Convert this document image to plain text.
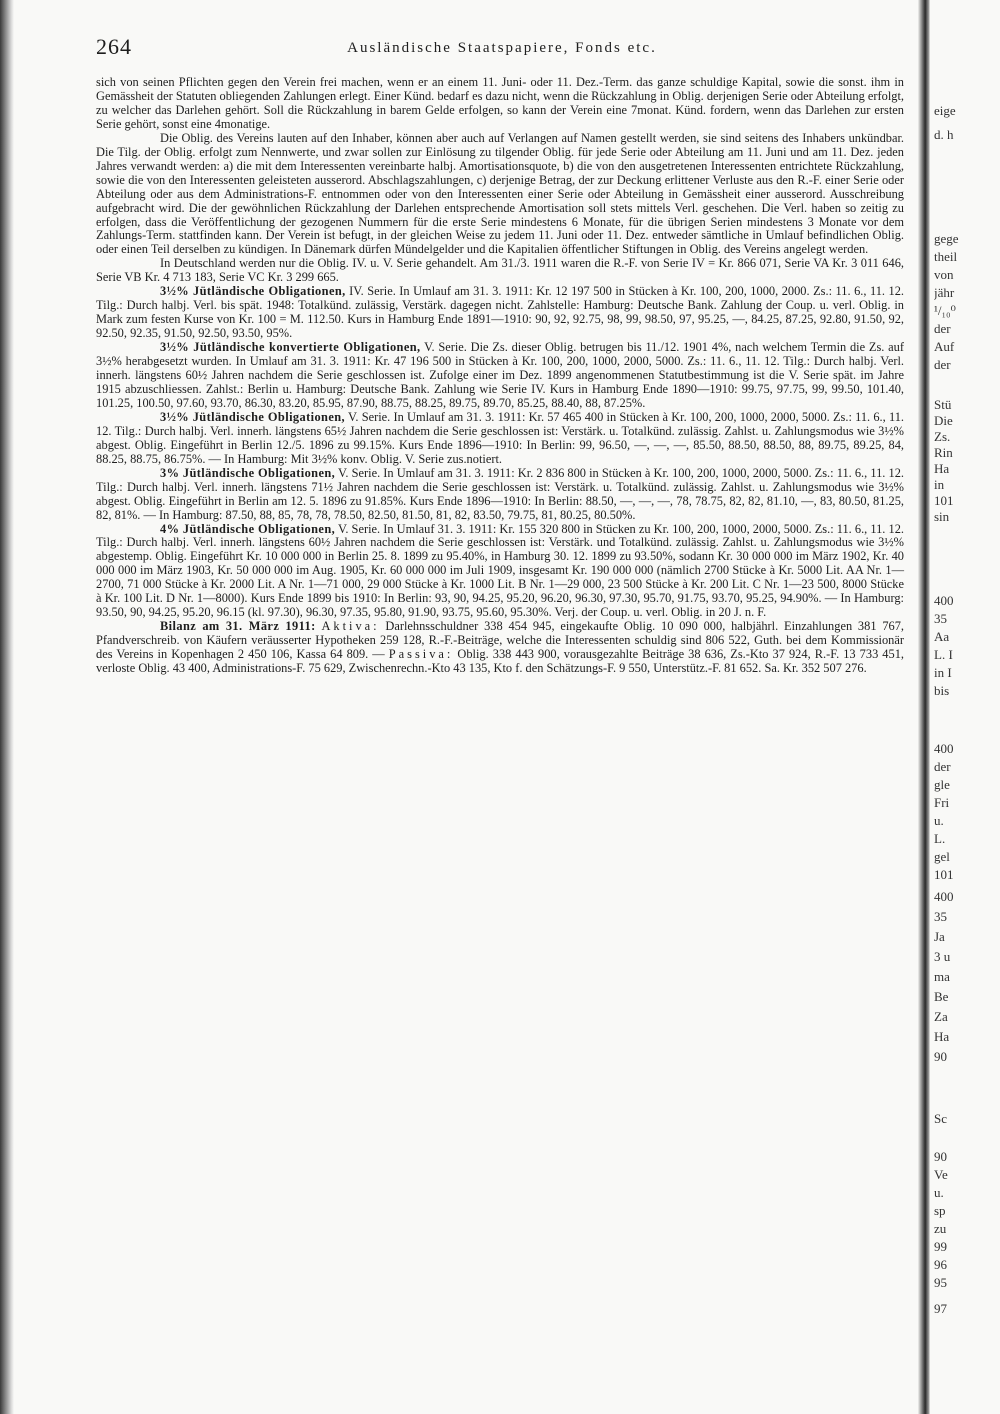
264	Ausländische Staatspapiere, Fonds etc.

sich von seinen Pflichten gegen den Verein frei machen, wenn er an einem 11. Juni- oder 11. Dez.-Term. das ganze schuldige Kapital, sowie die sonst. ihm in Gemässheit der Statuten obliegenden Zahlungen erlegt. Einer Künd. bedarf es dazu nicht, wenn die Rückzahlung in Oblig. derjenigen Serie oder Abteilung erfolgt, zu welcher das Darlehen gehört. Soll die Rückzahlung in barem Gelde erfolgen, so kann der Verein eine 7monat. Künd. fordern, wenn das Darlehen zur ersten Serie gehört, sonst eine 4monatige.

Die Oblig. des Vereins lauten auf den Inhaber, können aber auch auf Verlangen auf Namen gestellt werden, sie sind seitens des Inhabers unkündbar. Die Tilg. der Oblig. erfolgt zum Nennwerte, und zwar sollen zur Einlösung zu tilgender Oblig. für jede Serie oder Abteilung am 11. Juni und am 11. Dez. jeden Jahres verwandt werden: a) die mit dem Interessenten vereinbarte halbj. Amortisationsquote, b) die von den ausgetretenen Interessenten entrichtete Rückzahlung, sowie die von den Interessenten geleisteten ausserord. Abschlagszahlungen, c) derjenige Betrag, der zur Deckung erlittener Verluste aus den R.-F. einer Serie oder Abteilung oder aus dem Administrations-F. entnommen oder von den Interessenten einer Serie oder Abteilung in Gemässheit einer ausserord. Ausschreibung aufgebracht wird. Die der gewöhnlichen Rückzahlung der Darlehen entsprechende Amortisation soll stets mittels Verl. geschehen. Die Verl. haben so zeitig zu erfolgen, dass die Veröffentlichung der gezogenen Nummern für die erste Serie mindestens 6 Monate, für die übrigen Serien mindestens 3 Monate vor dem Zahlungs-Term. stattfinden kann. Der Verein ist befugt, in der gleichen Weise zu jedem 11. Juni oder 11. Dez. entweder sämtliche in Umlauf befindlichen Oblig. oder einen Teil derselben zu kündigen. In Dänemark dürfen Mündelgelder und die Kapitalien öffentlicher Stiftungen in Oblig. des Vereins angelegt werden.

In Deutschland werden nur die Oblig. IV. u. V. Serie gehandelt. Am 31./3. 1911 waren die R.-F. von Serie IV = Kr. 866 071, Serie VA Kr. 3 011 646, Serie VB Kr. 4 713 183, Serie VC Kr. 3 299 665.

3½% Jütländische Obligationen, IV. Serie. In Umlauf am 31. 3. 1911: Kr. 12 197 500 in Stücken à Kr. 100, 200, 1000, 2000. Zs.: 11. 6., 11. 12. Tilg.: Durch halbj. Verl. bis spät. 1948: Totalkünd. zulässig, Verstärk. dagegen nicht. Zahlstelle: Hamburg: Deutsche Bank. Zahlung der Coup. u. verl. Oblig. in Mark zum festen Kurse von Kr. 100 = M. 112.50. Kurs in Hamburg Ende 1891—1910: 90, 92, 92.75, 98, 99, 98.50, 97, 95.25, —, 84.25, 87.25, 92.80, 91.50, 92, 92.50, 92.35, 91.50, 92.50, 93.50, 95%.

3½% Jütländische konvertierte Obligationen, V. Serie. Die Zs. dieser Oblig. betrugen bis 11./12. 1901 4%, nach welchem Termin die Zs. auf 3½% herabgesetzt wurden. In Umlauf am 31. 3. 1911: Kr. 47 196 500 in Stücken à Kr. 100, 200, 1000, 2000, 5000. Zs.: 11. 6., 11. 12. Tilg.: Durch halbj. Verl. innerh. längstens 60½ Jahren nachdem die Serie geschlossen ist. Zufolge einer im Dez. 1899 angenommenen Statutbestimmung ist die V. Serie spät. im Jahre 1915 abzuschliessen. Zahlst.: Berlin u. Hamburg: Deutsche Bank. Zahlung wie Serie IV. Kurs in Hamburg Ende 1890—1910: 99.75, 97.75, 99, 99.50, 101.40, 101.25, 100.50, 97.60, 93.70, 86.30, 83.20, 85.95, 87.90, 88.75, 88.25, 89.75, 89.70, 85.25, 88.40, 88, 87.25%.

3½% Jütländische Obligationen, V. Serie. In Umlauf am 31. 3. 1911: Kr. 57 465 400 in Stücken à Kr. 100, 200, 1000, 2000, 5000. Zs.: 11. 6., 11. 12. Tilg.: Durch halbj. Verl. innerh. längstens 65½ Jahren nachdem die Serie geschlossen ist: Verstärk. u. Totalkünd. zulässig. Zahlst. u. Zahlungsmodus wie 3½% abgest. Oblig. Eingeführt in Berlin 12./5. 1896 zu 99.15%. Kurs Ende 1896—1910: In Berlin: 99, 96.50, —, —, —, 85.50, 88.50, 88.50, 88, 89.75, 89.25, 84, 88.25, 88.75, 86.75%. — In Hamburg: Mit 3½% konv. Oblig. V. Serie zus.notiert.

3% Jütländische Obligationen, V. Serie. In Umlauf am 31. 3. 1911: Kr. 2 836 800 in Stücken à Kr. 100, 200, 1000, 2000, 5000. Zs.: 11. 6., 11. 12. Tilg.: Durch halbj. Verl. innerh. längstens 71½ Jahren nachdem die Serie geschlossen ist: Verstärk. u. Totalkünd. zulässig. Zahlst. u. Zahlungsmodus wie 3½% abgest. Oblig. Eingeführt in Berlin am 12. 5. 1896 zu 91.85%. Kurs Ende 1896—1910: In Berlin: 88.50, —, —, —, 78, 78.75, 82, 82, 81.10, —, 83, 80.50, 81.25, 82, 81%. — In Hamburg: 87.50, 88, 85, 78, 78, 78.50, 82.50, 81.50, 81, 82, 83.50, 79.75, 81, 80.25, 80.50%.

4% Jütländische Obligationen, V. Serie. In Umlauf 31. 3. 1911: Kr. 155 320 800 in Stücken zu Kr. 100, 200, 1000, 2000, 5000. Zs.: 11. 6., 11. 12. Tilg.: Durch halbj. Verl. innerh. längstens 60½ Jahren nachdem die Serie geschlossen ist: Verstärk. und Totalkünd. zulässig. Zahlst. u. Zahlungsmodus wie 3½% abgestemp. Oblig. Eingeführt Kr. 10 000 000 in Berlin 25. 8. 1899 zu 95.40%, in Hamburg 30. 12. 1899 zu 93.50%, sodann Kr. 30 000 000 im März 1902, Kr. 40 000 000 im März 1903, Kr. 50 000 000 im Aug. 1905, Kr. 60 000 000 im Juli 1909, insgesamt Kr. 190 000 000 (nämlich 2700 Stücke à Kr. 5000 Lit. AA Nr. 1—2700, 71 000 Stücke à Kr. 2000 Lit. A Nr. 1—71 000, 29 000 Stücke à Kr. 1000 Lit. B Nr. 1—29 000, 23 500 Stücke à Kr. 200 Lit. C Nr. 1—23 500, 8000 Stücke à Kr. 100 Lit. D Nr. 1—8000). Kurs Ende 1899 bis 1910: In Berlin: 93, 90, 94.25, 95.20, 96.20, 96.30, 97.30, 95.70, 91.75, 93.70, 95.25, 94.90%. — In Hamburg: 93.50, 90, 94.25, 95.20, 96.15 (kl. 97.30), 96.30, 97.35, 95.80, 91.90, 93.75, 95.60, 95.30%. Verj. der Coup. u. verl. Oblig. in 20 J. n. F.

Bilanz am 31. März 1911: Aktiva: Darlehnsschuldner 338 454 945, eingekaufte Oblig. 10 090 000, halbjährl. Einzahlungen 381 767, Pfandverschreib. von Käufern veräusserter Hypotheken 259 128, R.-F.-Beiträge, welche die Interessenten schuldig sind 806 522, Guth. bei dem Kommissionär des Vereins in Kopenhagen 2 450 106, Kassa 64 809. — Passiva: Oblig. 338 443 900, vorausgezahlte Beiträge 38 636, Zs.-Kto 37 924, R.-F. 13 733 451, verloste Oblig. 43 400, Administrations-F. 75 629, Zwischenrechn.-Kto 43 135, Kto f. den Schätzungs-F. 9 550, Unterstütz.-F. 81 652. Sa. Kr. 352 507 276.

eige
d. h
gege
theil
von
jähr
¹/₁₀⁰
der
Auf
der
Stü
Die
Zs.
Rin
Ha
in
101
sin
400
35
Aa
L. I
in I
bis
400
der
gle
Fri
u.
L.
gel
101
400
35
Ja
3 u
ma
Be
Za
Ha
90
Sc
90
Ve
u.
sp
zu
99
96
95
97
